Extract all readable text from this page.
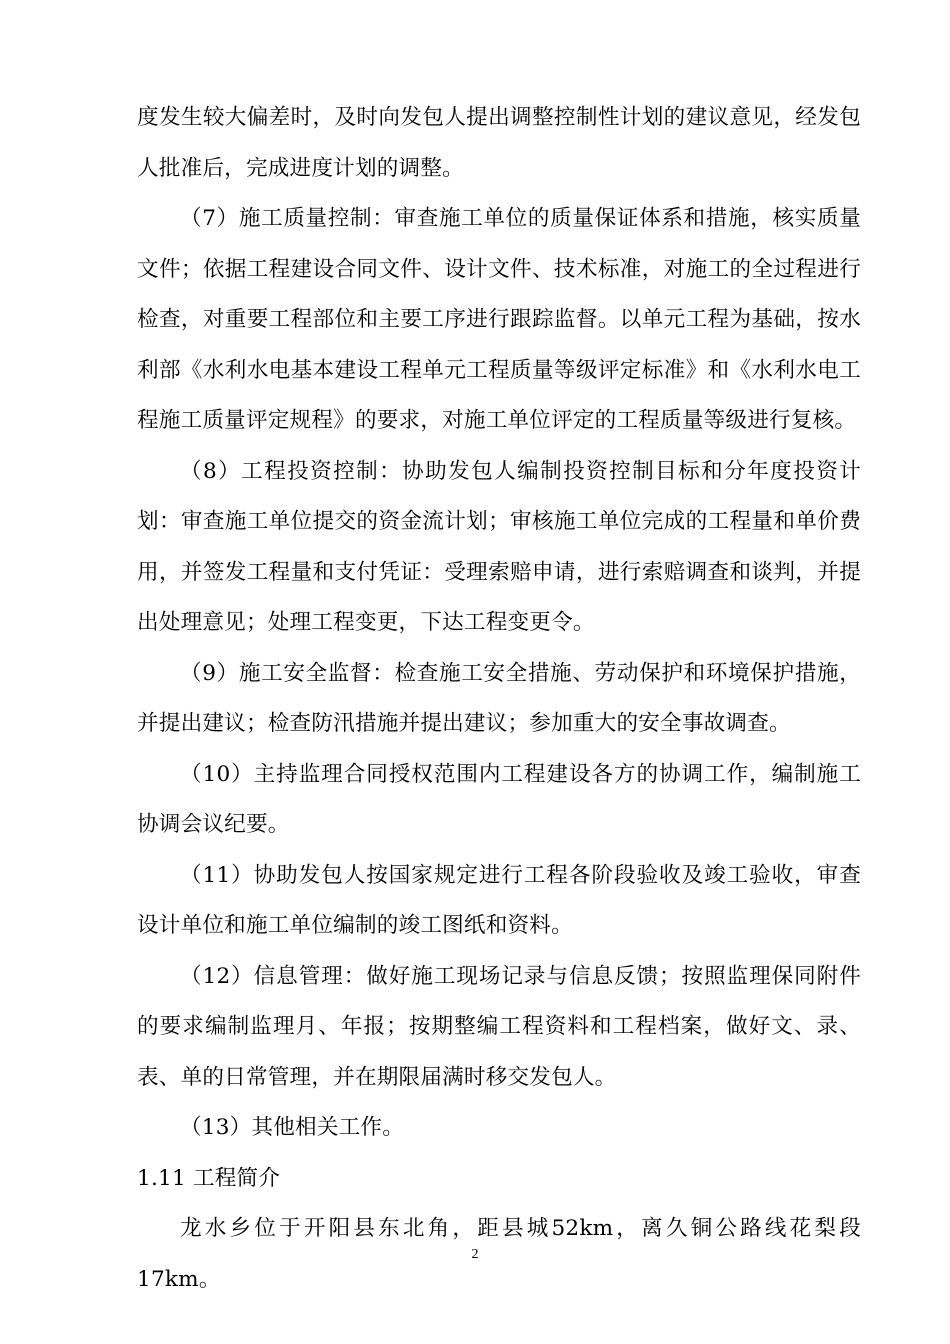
度发生较大偏差时，及时向发包人提出调整控制性计划的建议意见，经发包人批准后，完成进度计划的调整。

（7）施工质量控制：审查施工单位的质量保证体系和措施，核实质量文件；依据工程建设合同文件、设计文件、技术标准，对施工的全过程进行检查，对重要工程部位和主要工序进行跟踪监督。以单元工程为基础，按水利部《水利水电基本建设工程单元工程质量等级评定标准》和《水利水电工程施工质量评定规程》的要求，对施工单位评定的工程质量等级进行复核。

（8）工程投资控制：协助发包人编制投资控制目标和分年度投资计划：审查施工单位提交的资金流计划；审核施工单位完成的工程量和单价费用，并签发工程量和支付凭证：受理索赔申请，进行索赔调查和谈判，并提出处理意见；处理工程变更，下达工程变更令。

（9）施工安全监督：检查施工安全措施、劳动保护和环境保护措施，并提出建议；检查防汛措施并提出建议；参加重大的安全事故调查。

（10）主持监理合同授权范围内工程建设各方的协调工作，编制施工协调会议纪要。

（11）协助发包人按国家规定进行工程各阶段验收及竣工验收，审查设计单位和施工单位编制的竣工图纸和资料。

（12）信息管理：做好施工现场记录与信息反馈；按照监理保同附件的要求编制监理月、年报；按期整编工程资料和工程档案，做好文、录、表、单的日常管理，并在期限届满时移交发包人。

（13）其他相关工作。

1.11 工程简介

龙水乡位于开阳县东北角，距县城52km，离久铜公路线花梨段17km。

2
